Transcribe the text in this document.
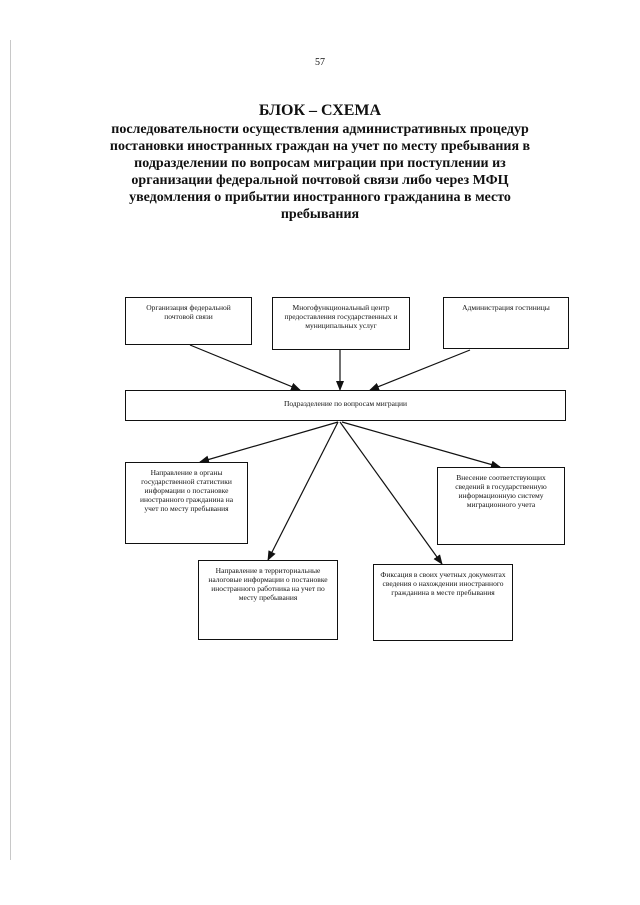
57
БЛОК – СХЕМА
последовательности осуществления административных процедур постановки иностранных граждан на учет по месту пребывания в подразделении по вопросам миграции при поступлении из организации федеральной почтовой связи либо через МФЦ уведомления о прибытии иностранного гражданина в место пребывания
Организация федеральной почтовой связи
Многофункциональный центр предоставления государственных и муниципальных услуг
Администрация гостиницы
Подразделение по вопросам миграции
Направление в органы государственной статистики информации о постановке иностранного гражданина на учет по месту пребывания
Внесение соответствующих сведений в государственную информационную систему миграционного учета
Направление в территориальные налоговые информации о постановке иностранного работника на учет по месту пребывания
Фиксация в своих учетных документах сведения о нахождении иностранного гражданина в месте пребывания
